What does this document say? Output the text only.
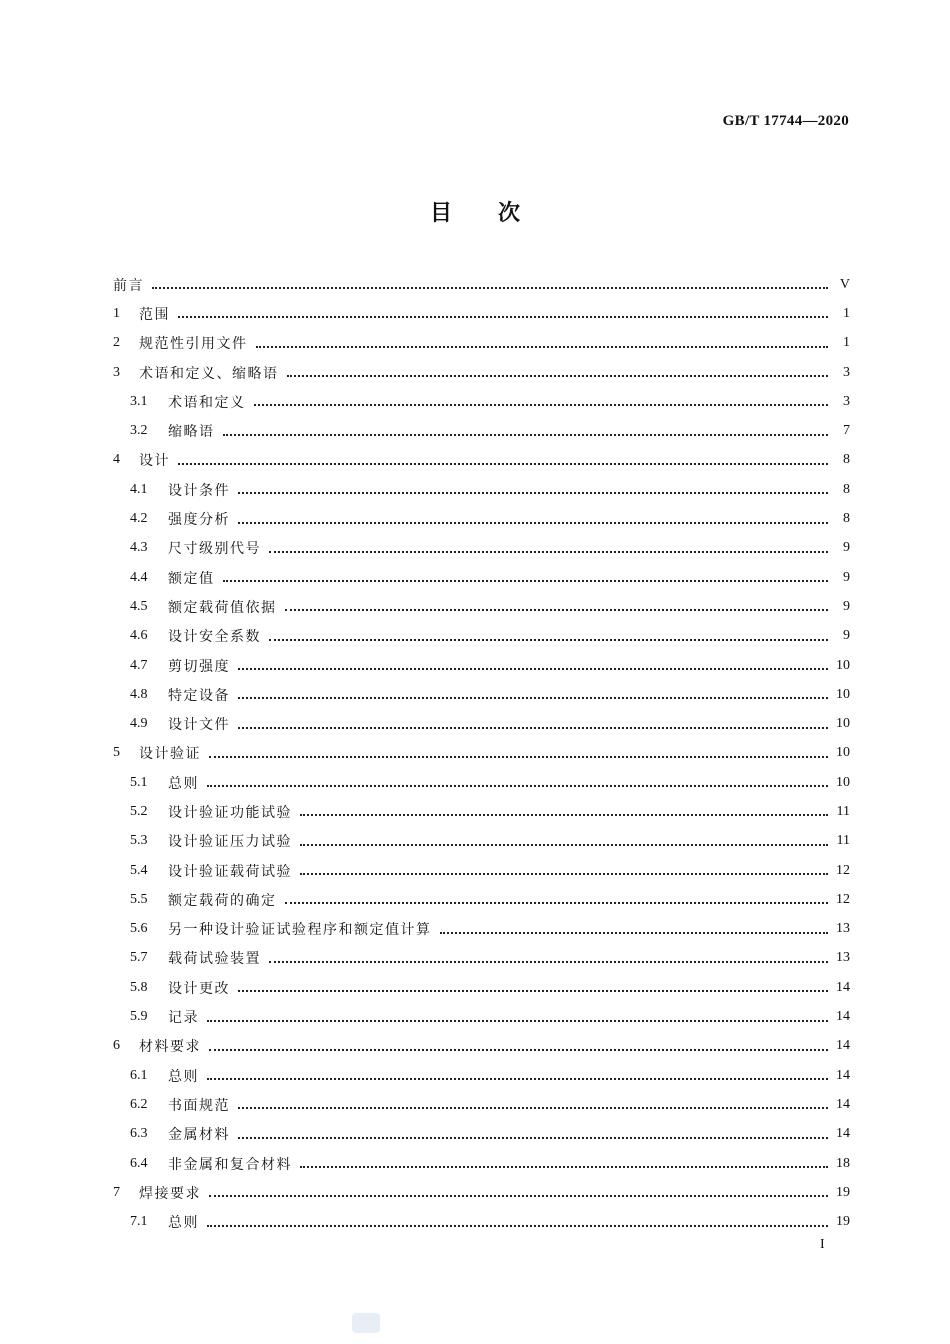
GB/T 17744—2020
目 次
前言	V
1	范围	1
2	规范性引用文件	1
3	术语和定义、缩略语	3
3.1	术语和定义	3
3.2	缩略语	7
4	设计	8
4.1	设计条件	8
4.2	强度分析	8
4.3	尺寸级别代号	9
4.4	额定值	9
4.5	额定载荷值依据	9
4.6	设计安全系数	9
4.7	剪切强度	10
4.8	特定设备	10
4.9	设计文件	10
5	设计验证	10
5.1	总则	10
5.2	设计验证功能试验	11
5.3	设计验证压力试验	11
5.4	设计验证载荷试验	12
5.5	额定载荷的确定	12
5.6	另一种设计验证试验程序和额定值计算	13
5.7	载荷试验装置	13
5.8	设计更改	14
5.9	记录	14
6	材料要求	14
6.1	总则	14
6.2	书面规范	14
6.3	金属材料	14
6.4	非金属和复合材料	18
7	焊接要求	19
7.1	总则	19
I
